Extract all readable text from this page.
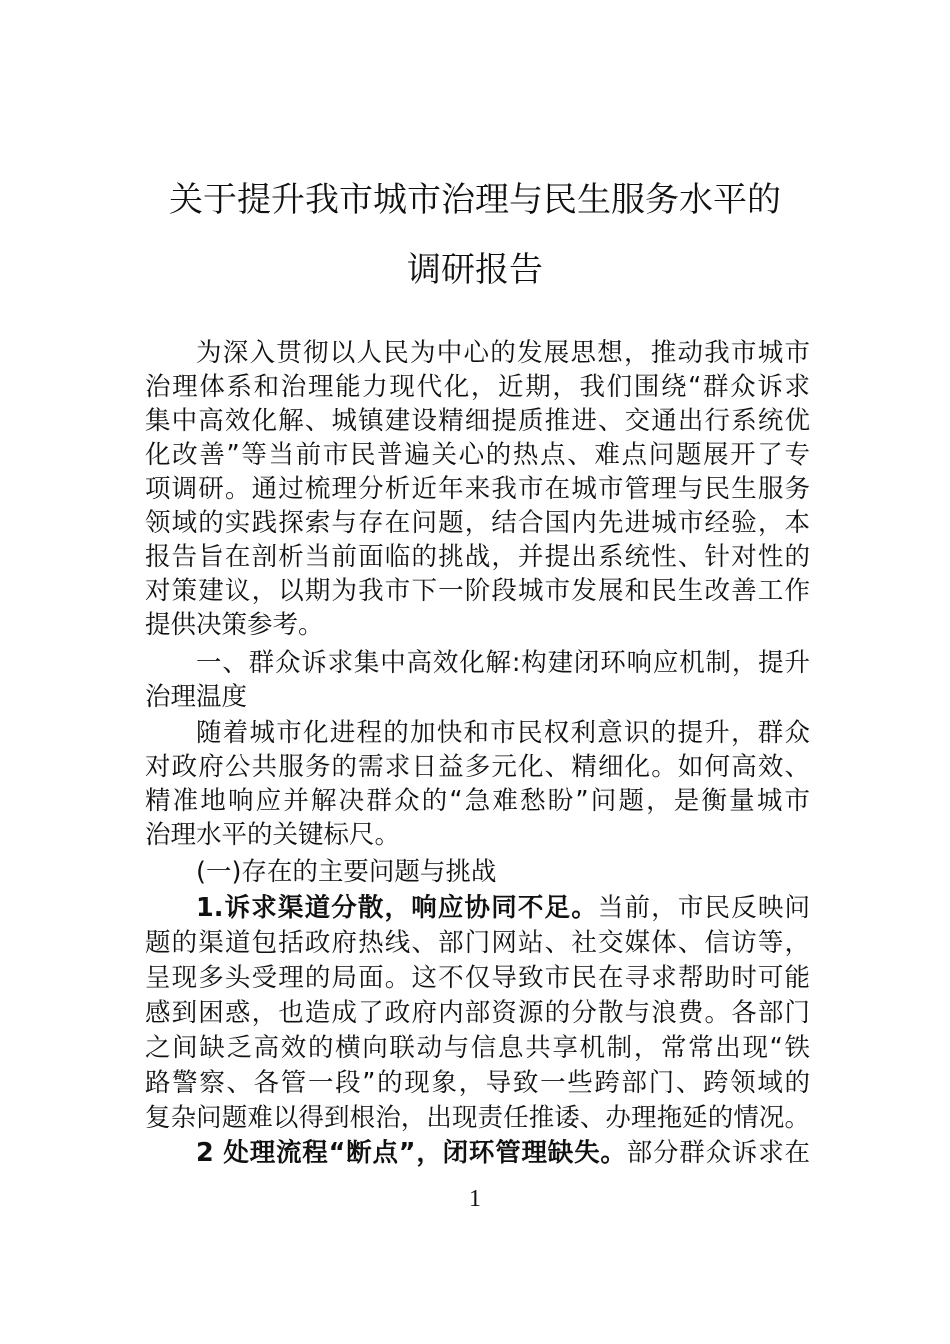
关于提升我市城市治理与民生服务水平的
调研报告
为深入贯彻以人民为中心的发展思想，推动我市城市
治理体系和治理能力现代化，近期，我们围绕“群众诉求
集中高效化解、城镇建设精细提质推进、交通出行系统优
化改善”等当前市民普遍关心的热点、难点问题展开了专
项调研。通过梳理分析近年来我市在城市管理与民生服务
领域的实践探索与存在问题，结合国内先进城市经验，本
报告旨在剖析当前面临的挑战，并提出系统性、针对性的
对策建议，以期为我市下一阶段城市发展和民生改善工作
提供决策参考。
一、群众诉求集中高效化解:构建闭环响应机制，提升
治理温度
随着城市化进程的加快和市民权利意识的提升，群众
对政府公共服务的需求日益多元化、精细化。如何高效、
精准地响应并解决群众的“急难愁盼”问题，是衡量城市
治理水平的关键标尺。
(一)存在的主要问题与挑战
1.诉求渠道分散，响应协同不足。当前，市民反映问
题的渠道包括政府热线、部门网站、社交媒体、信访等，
呈现多头受理的局面。这不仅导致市民在寻求帮助时可能
感到困惑，也造成了政府内部资源的分散与浪费。各部门
之间缺乏高效的横向联动与信息共享机制，常常出现“铁
路警察、各管一段”的现象，导致一些跨部门、跨领域的
复杂问题难以得到根治，出现责任推诿、办理拖延的情况。
2 处理流程“断点”，闭环管理缺失。部分群众诉求在
1
